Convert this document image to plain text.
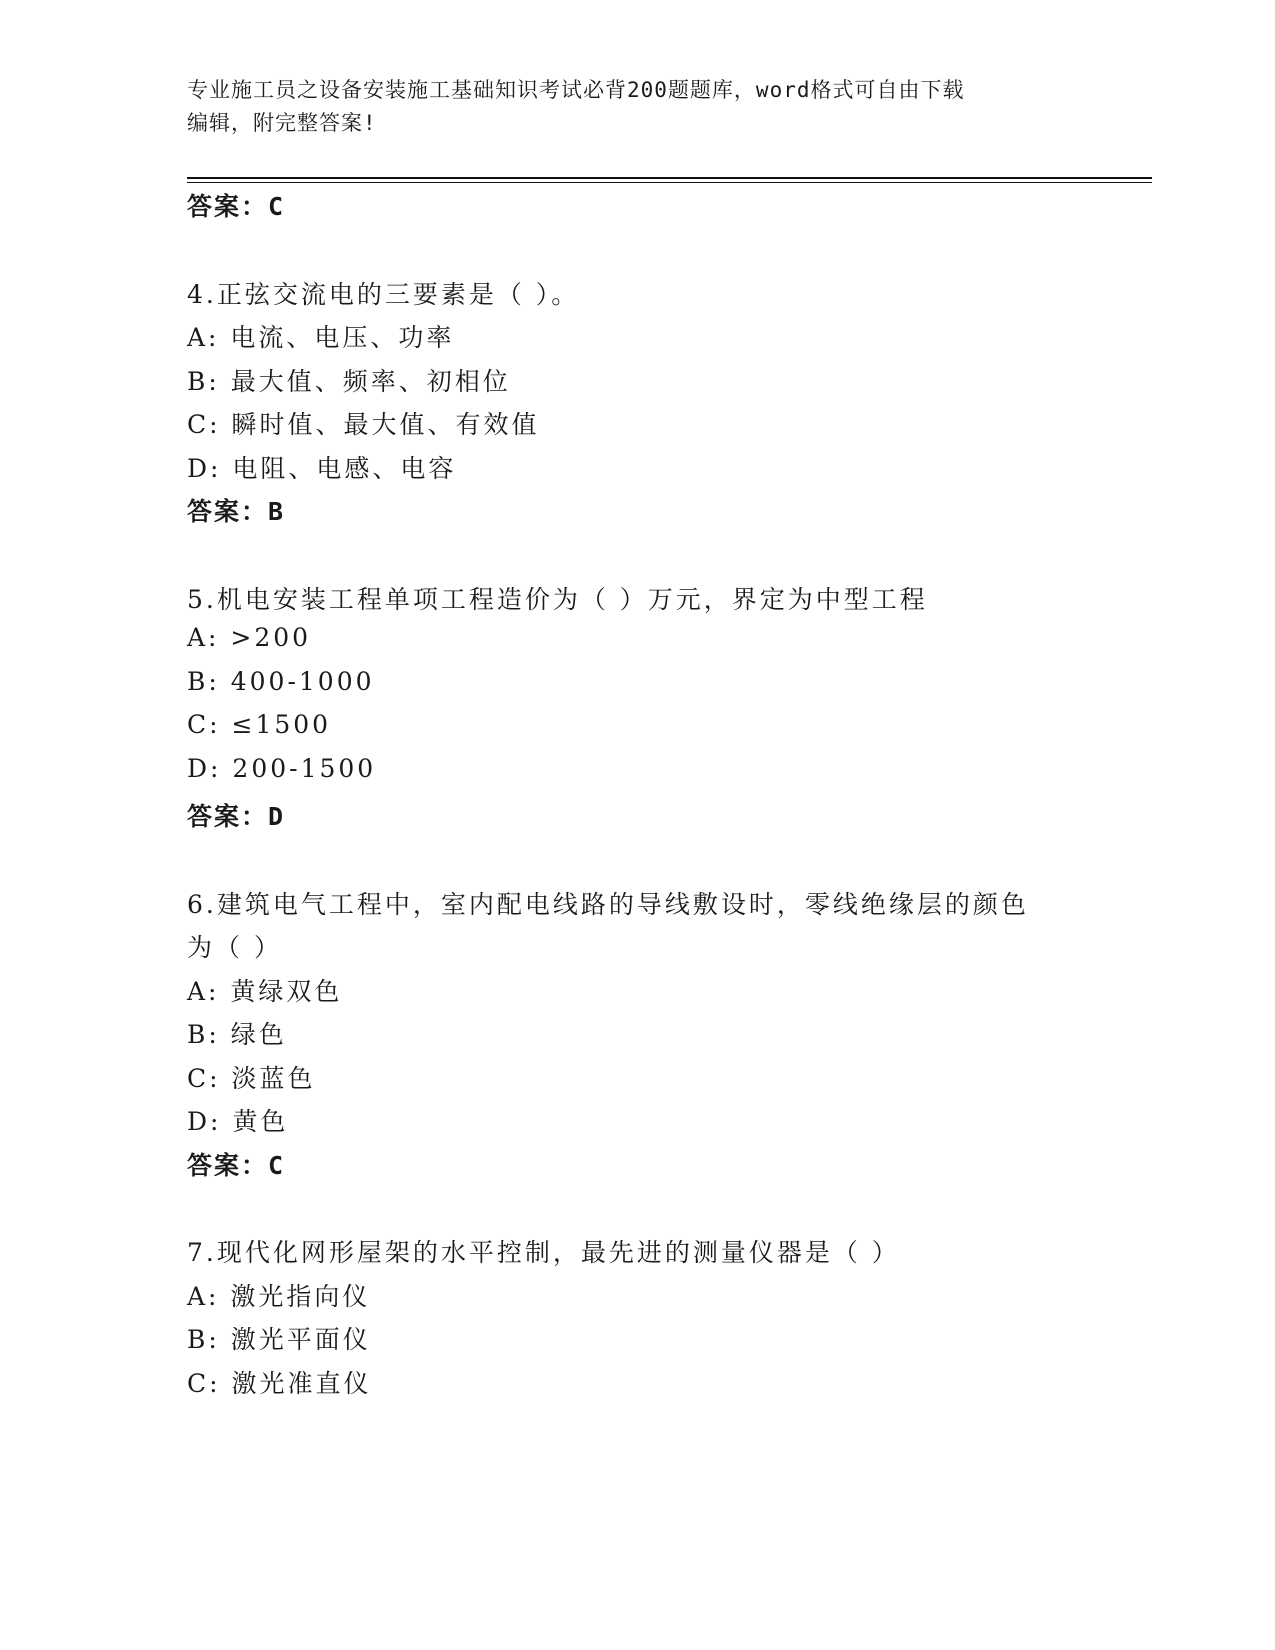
专业施工员之设备安装施工基础知识考试必背200题题库，word格式可自由下载
编辑，附完整答案!
答案：C
4.正弦交流电的三要素是（ ）。
A: 电流、电压、功率
B: 最大值、频率、初相位
C: 瞬时值、最大值、有效值
D: 电阻、电感、电容
答案：B
5.机电安装工程单项工程造价为（ ）万元，界定为中型工程
A: >200
B: 400-1000
C: ≤1500
D: 200-1500
答案：D
6.建筑电气工程中，室内配电线路的导线敷设时，零线绝缘层的颜色
为（ ）
A: 黄绿双色
B: 绿色
C: 淡蓝色
D: 黄色
答案：C
7.现代化网形屋架的水平控制，最先进的测量仪器是（ ）
A: 激光指向仪
B: 激光平面仪
C: 激光准直仪
